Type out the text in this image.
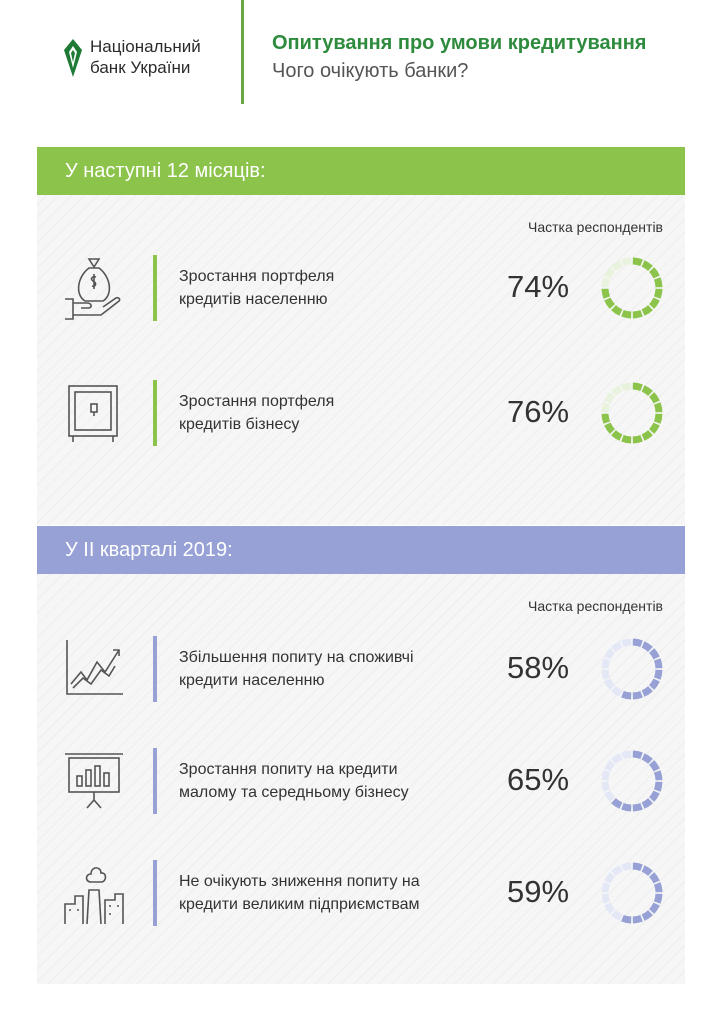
Національний
банк України
Опитування про умови кредитування
Чого очікують банки?
У наступні 12 місяців:
Частка респондентів
Зростання портфеля
кредитів населенню	74%
Зростання портфеля
кредитів бізнесу	76%
У ІІ кварталі 2019:
Частка респондентів
Збільшення попиту на споживчі
кредити населенню	58%
Зростання попиту на кредити
малому та середньому бізнесу	65%
Не очікують зниження попиту на
кредити великим підприємствам	59%
